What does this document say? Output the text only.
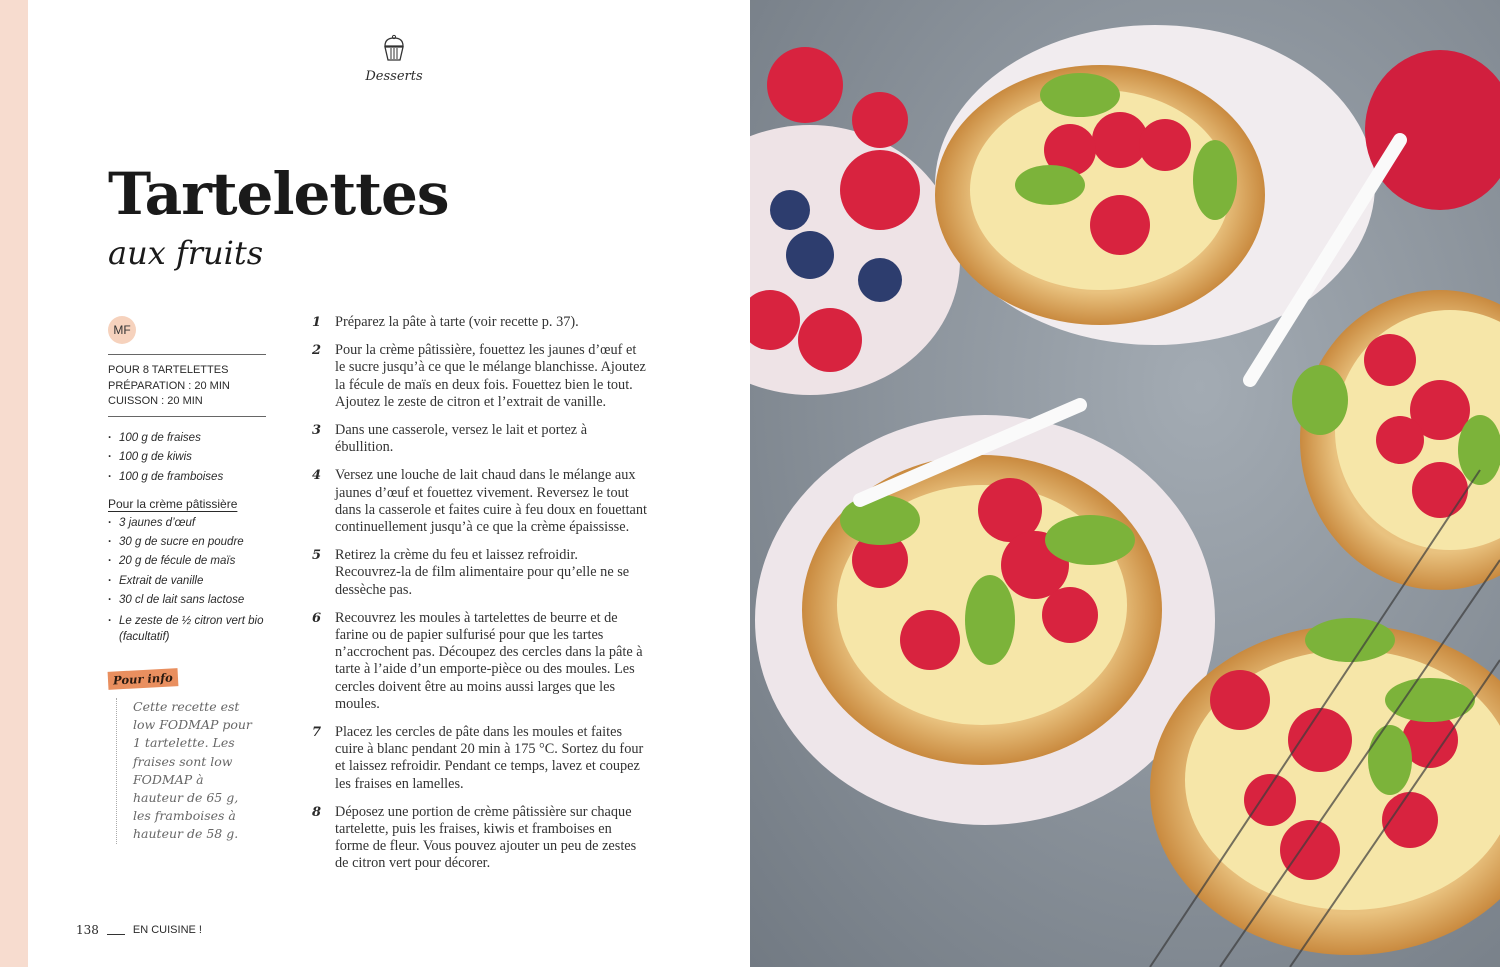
Desserts
Tartelettes
aux fruits
MF
POUR 8 TARTELETTES
PRÉPARATION : 20 MIN
CUISSON : 20 MIN
· 100 g de fraises
· 100 g de kiwis
· 100 g de framboises
Pour la crème pâtissière
· 3 jaunes d’œuf
· 30 g de sucre en poudre
· 20 g de fécule de maïs
· Extrait de vanille
· 30 cl de lait sans lactose
· Le zeste de ½ citron vert bio (facultatif)
Pour info
Cette recette est low FODMAP pour 1 tartelette. Les fraises sont low FODMAP à hauteur de 65 g, les framboises à hauteur de 58 g.
1 Préparez la pâte à tarte (voir recette p. 37).
2 Pour la crème pâtissière, fouettez les jaunes d’œuf et le sucre jusqu’à ce que le mélange blanchisse. Ajoutez la fécule de maïs en deux fois. Fouettez bien le tout. Ajoutez le zeste de citron et l’extrait de vanille.
3 Dans une casserole, versez le lait et portez à ébullition.
4 Versez une louche de lait chaud dans le mélange aux jaunes d’œuf et fouettez vivement. Reversez le tout dans la casserole et faites cuire à feu doux en fouettant continuellement jusqu’à ce que la crème épaississe.
5 Retirez la crème du feu et laissez refroidir. Recouvrez-la de film alimentaire pour qu’elle ne se dessèche pas.
6 Recouvrez les moules à tartelettes de beurre et de farine ou de papier sulfurisé pour que les tartes n’accrochent pas. Découpez des cercles dans la pâte à tarte à l’aide d’un emporte-pièce ou des moules. Les cercles doivent être au moins aussi larges que les moules.
7 Placez les cercles de pâte dans les moules et faites cuire à blanc pendant 20 min à 175 °C. Sortez du four et laissez refroidir. Pendant ce temps, lavez et coupez les fraises en lamelles.
8 Déposez une portion de crème pâtissière sur chaque tartelette, puis les fraises, kiwis et framboises en forme de fleur. Vous pouvez ajouter un peu de zestes de citron vert pour décorer.
138	EN CUISINE !
